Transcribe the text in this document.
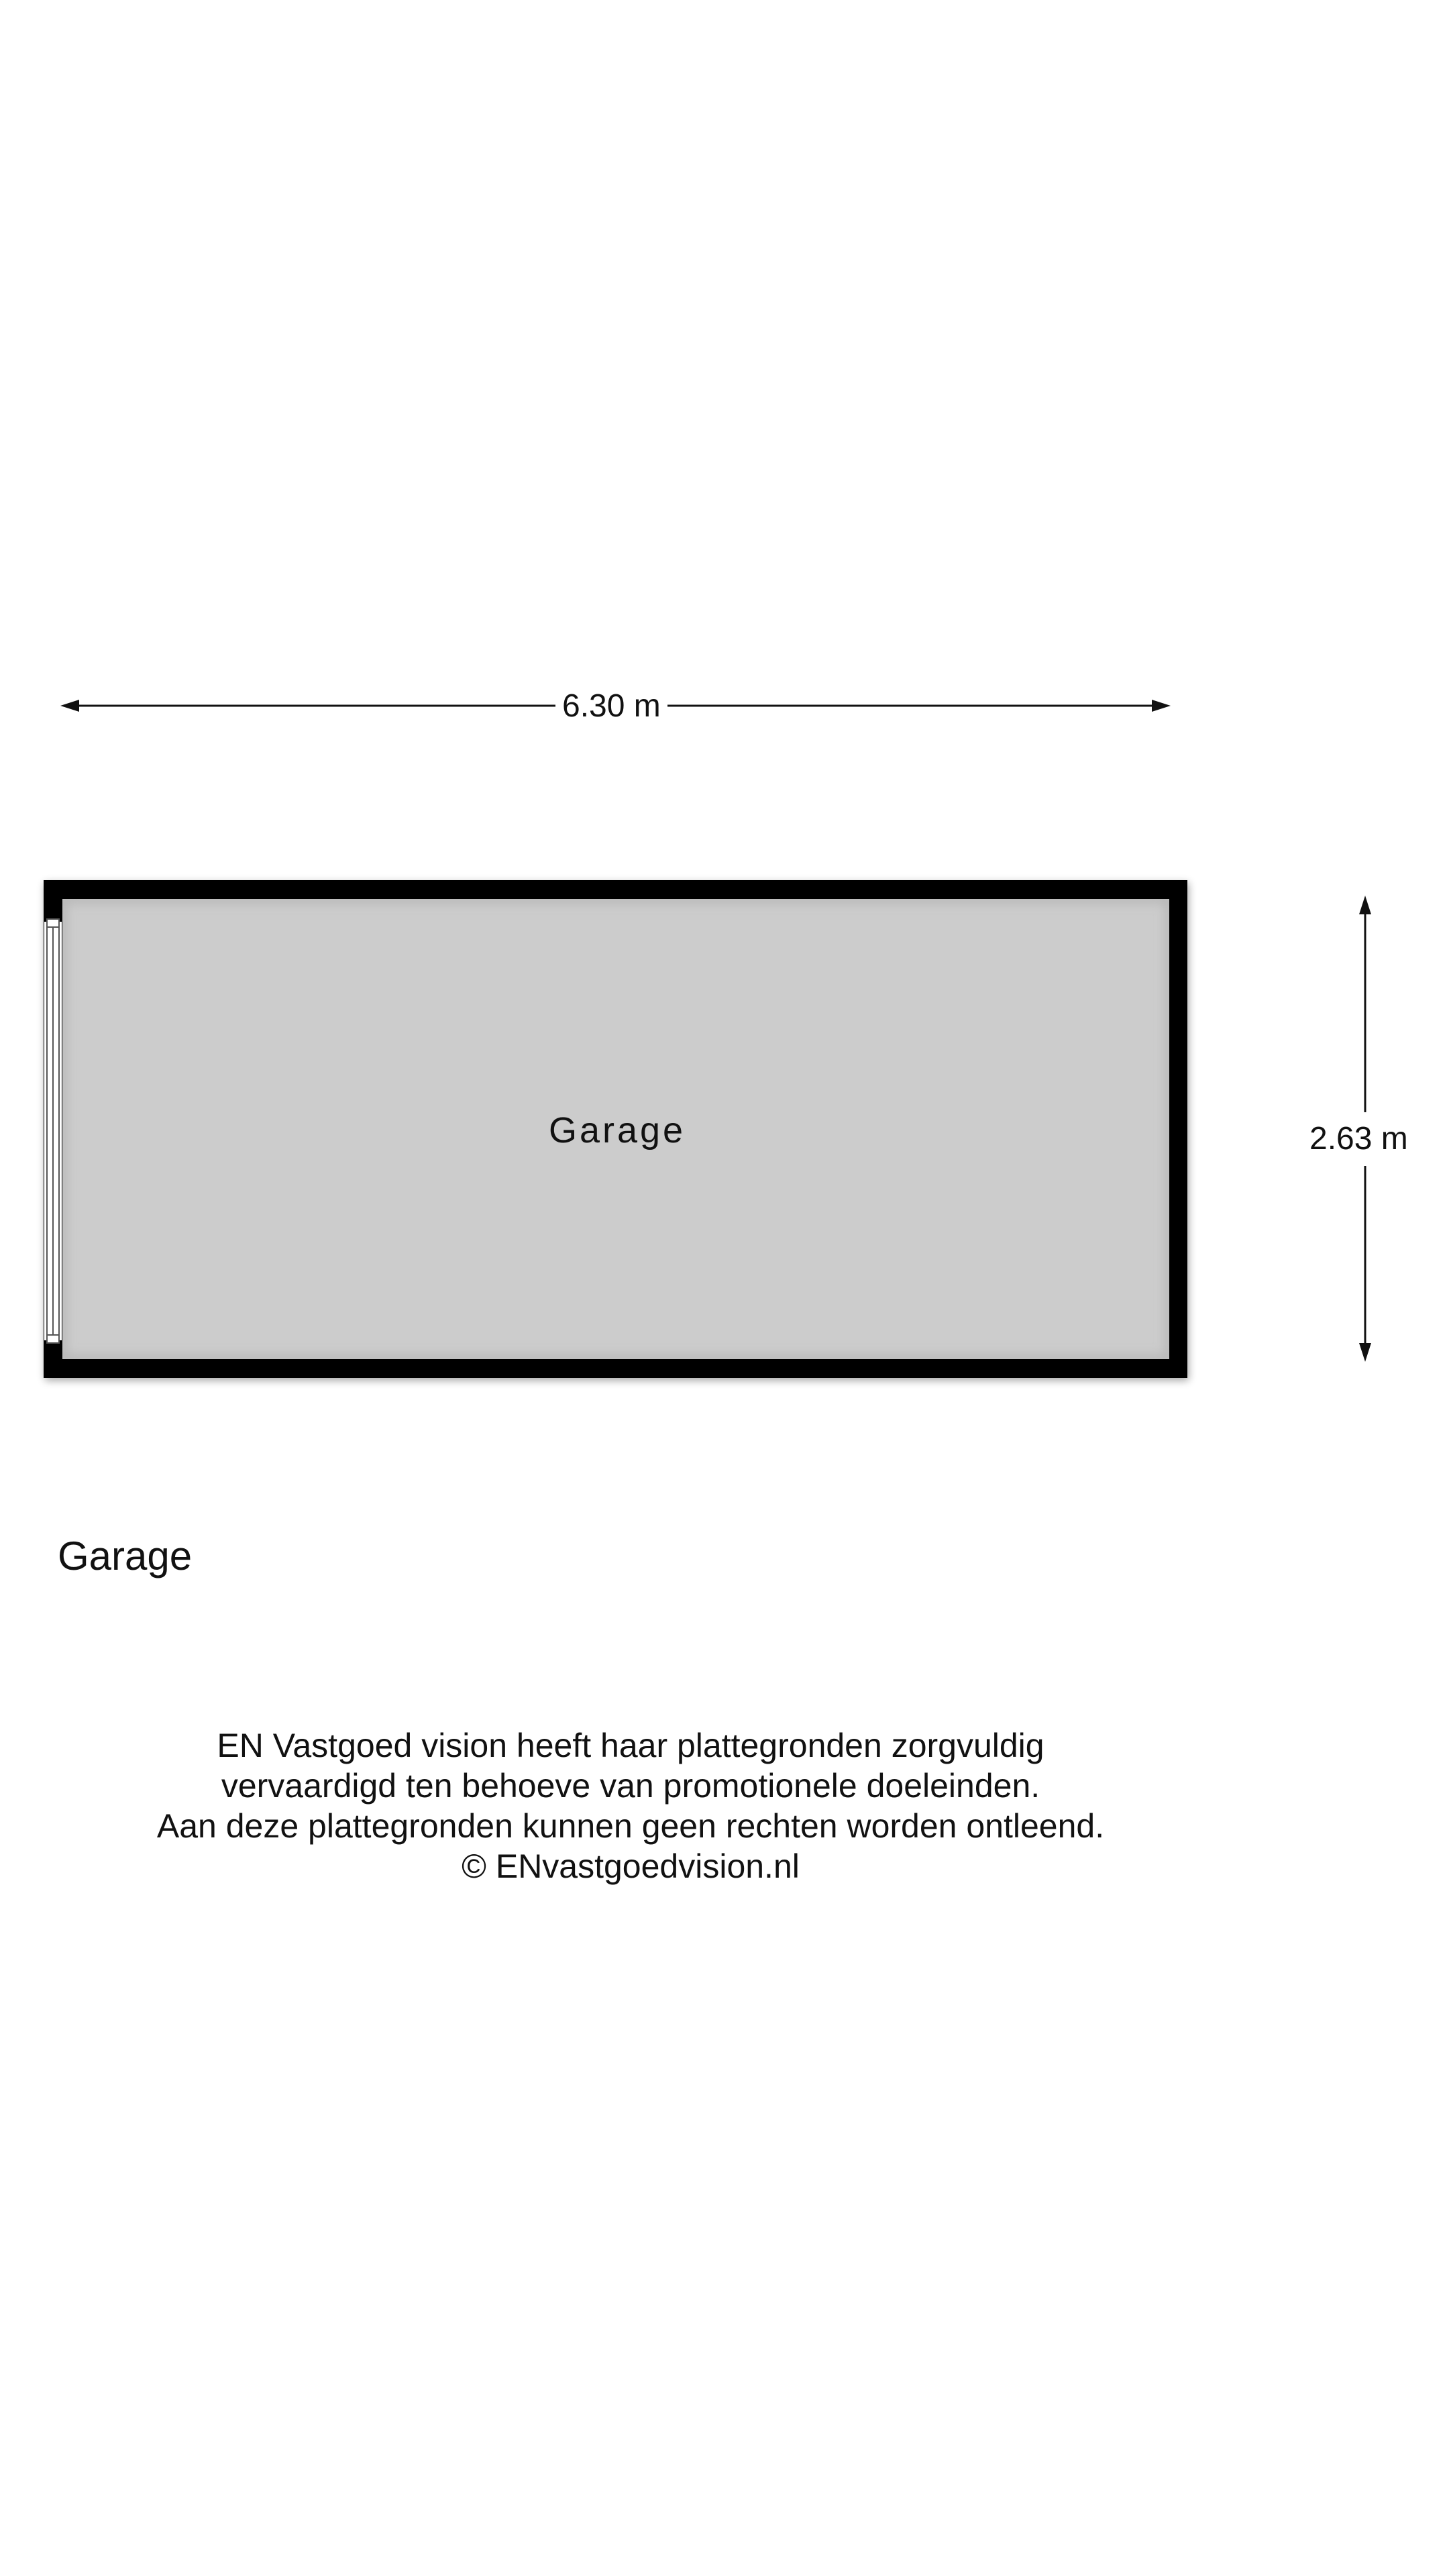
6.30 m
2.63 m
Garage
Garage
EN Vastgoed vision heeft haar plattegronden zorgvuldig
vervaardigd ten behoeve van promotionele doeleinden.
Aan deze plattegronden kunnen geen rechten worden ontleend.
© ENvastgoedvision.nl
